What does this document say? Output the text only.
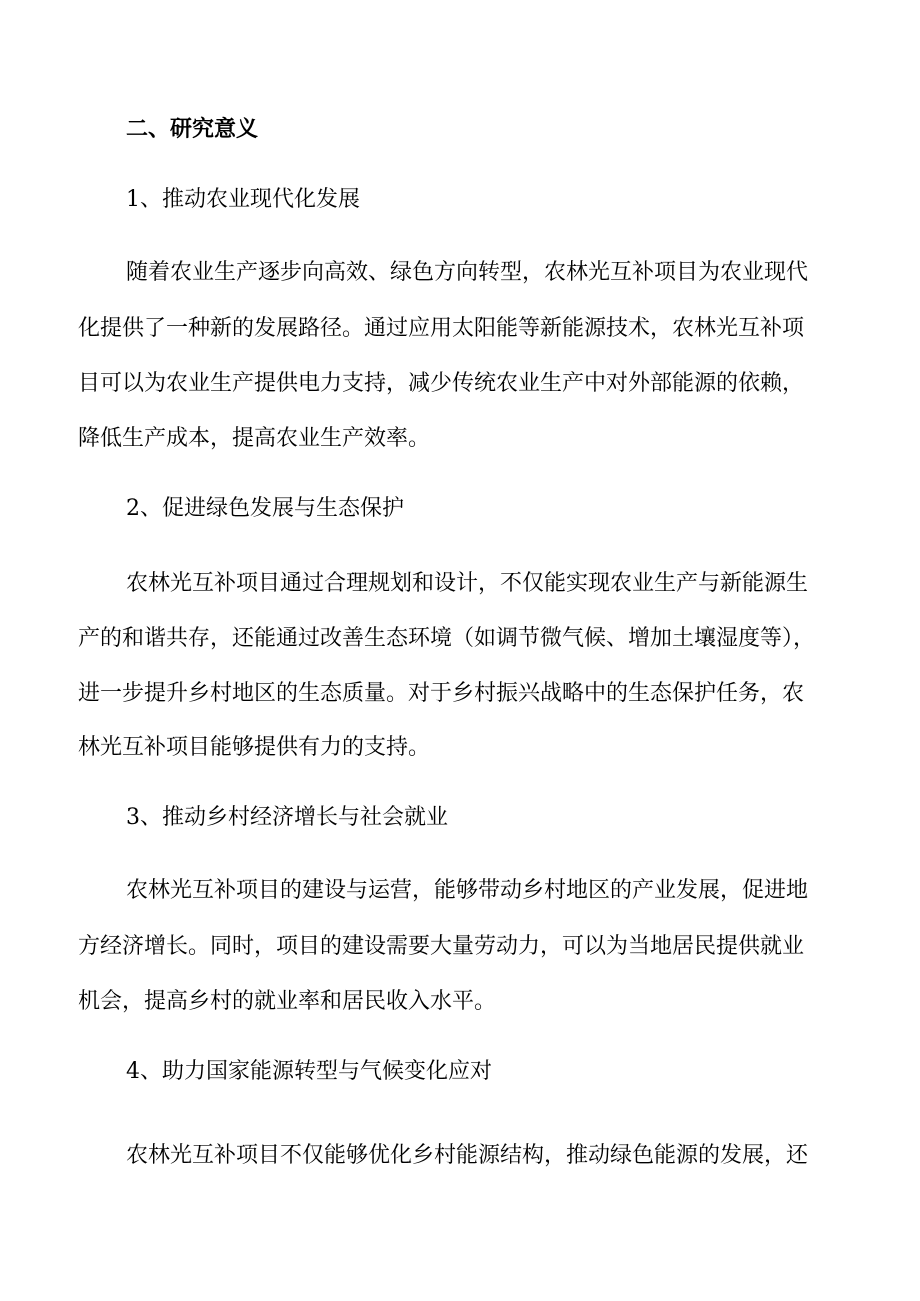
二、研究意义
1、推动农业现代化发展
随着农业生产逐步向高效、绿色方向转型，农林光互补项目为农业现代
化提供了一种新的发展路径。通过应用太阳能等新能源技术，农林光互补项
目可以为农业生产提供电力支持，减少传统农业生产中对外部能源的依赖，
降低生产成本，提高农业生产效率。
2、促进绿色发展与生态保护
农林光互补项目通过合理规划和设计，不仅能实现农业生产与新能源生
产的和谐共存，还能通过改善生态环境（如调节微气候、增加土壤湿度等），
进一步提升乡村地区的生态质量。对于乡村振兴战略中的生态保护任务，农
林光互补项目能够提供有力的支持。
3、推动乡村经济增长与社会就业
农林光互补项目的建设与运营，能够带动乡村地区的产业发展，促进地
方经济增长。同时，项目的建设需要大量劳动力，可以为当地居民提供就业
机会，提高乡村的就业率和居民收入水平。
4、助力国家能源转型与气候变化应对
农林光互补项目不仅能够优化乡村能源结构，推动绿色能源的发展，还
